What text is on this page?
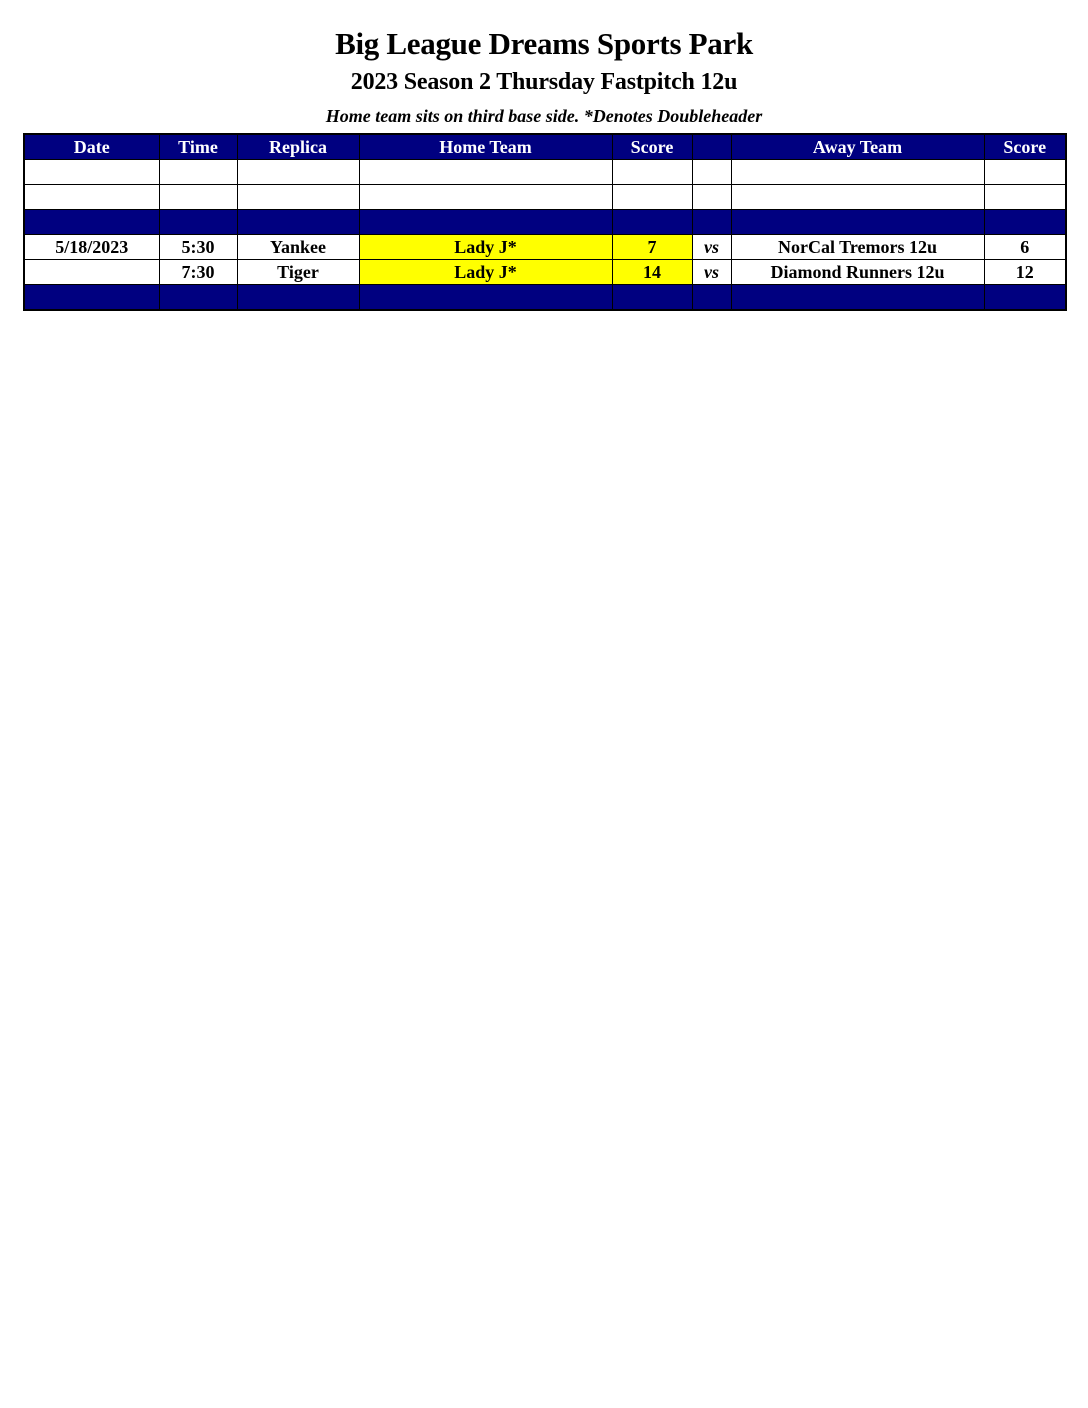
Big League Dreams Sports Park
2023 Season 2 Thursday Fastpitch 12u
Home team sits on third base side. *Denotes Doubleheader
Date	Time	Replica	Home Team	Score		Away Team	Score

5/18/2023	5:30	Yankee	Lady J*	7	vs	NorCal Tremors 12u	6
	7:30	Tiger	Lady J*	14	vs	Diamond Runners 12u	12
